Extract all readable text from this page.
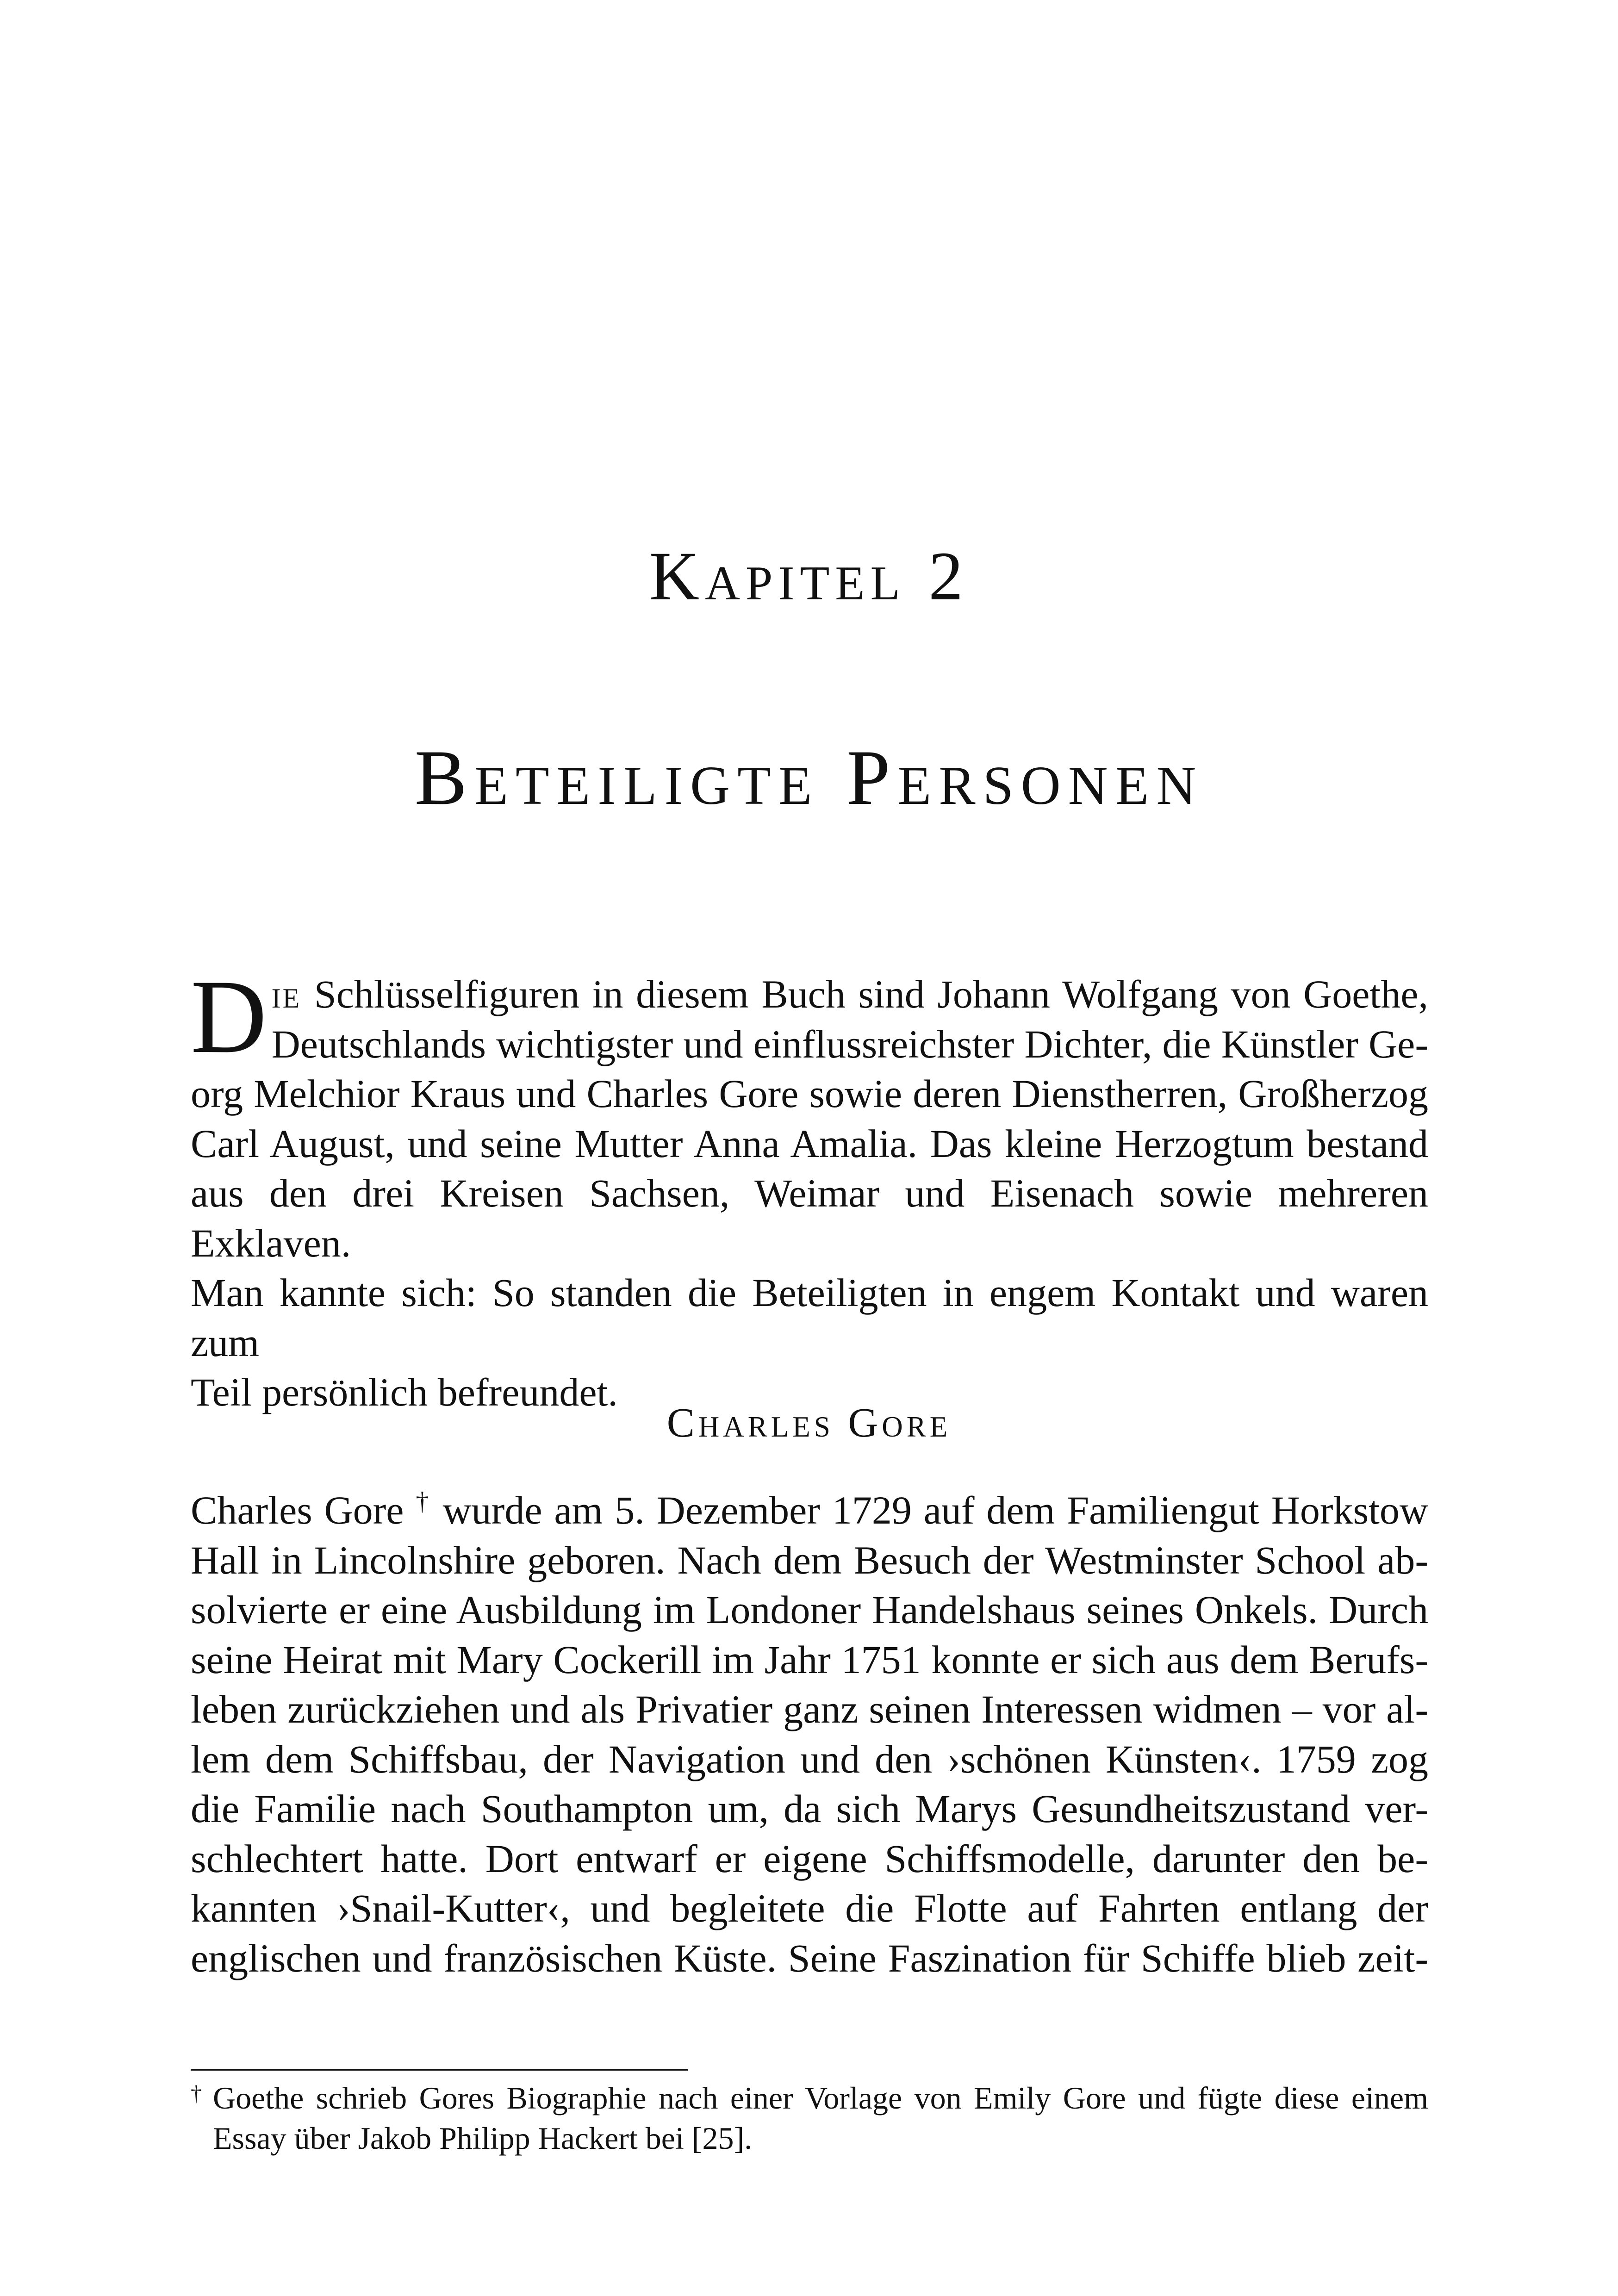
Kapitel 2
Beteiligte Personen
D ie Schlüsselfiguren in diesem Buch sind Johann Wolfgang von Goethe,
Deutschlands wichtigster und einflussreichster Dichter, die Künstler Ge-
org Melchior Kraus und Charles Gore sowie deren Dienstherren, Großherzog
Carl August, und seine Mutter Anna Amalia. Das kleine Herzogtum bestand
aus den drei Kreisen Sachsen, Weimar und Eisenach sowie mehreren Exklaven.
Man kannte sich: So standen die Beteiligten in engem Kontakt und waren zum
Teil persönlich befreundet.
Charles Gore
Charles Gore † wurde am 5. Dezember 1729 auf dem Familiengut Horkstow
Hall in Lincolnshire geboren. Nach dem Besuch der Westminster School ab-
solvierte er eine Ausbildung im Londoner Handelshaus seines Onkels. Durch
seine Heirat mit Mary Cockerill im Jahr 1751 konnte er sich aus dem Berufs-
leben zurückziehen und als Privatier ganz seinen Interessen widmen – vor al-
lem dem Schiffsbau, der Navigation und den ›schönen Künsten‹. 1759 zog
die Familie nach Southampton um, da sich Marys Gesundheitszustand ver-
schlechtert hatte. Dort entwarf er eigene Schiffsmodelle, darunter den be-
kannten ›Snail-Kutter‹, und begleitete die Flotte auf Fahrten entlang der
englischen und französischen Küste. Seine Faszination für Schiffe blieb zeit-
† Goethe schrieb Gores Biographie nach einer Vorlage von Emily Gore und fügte diese einem
Essay über Jakob Philipp Hackert bei [25].
